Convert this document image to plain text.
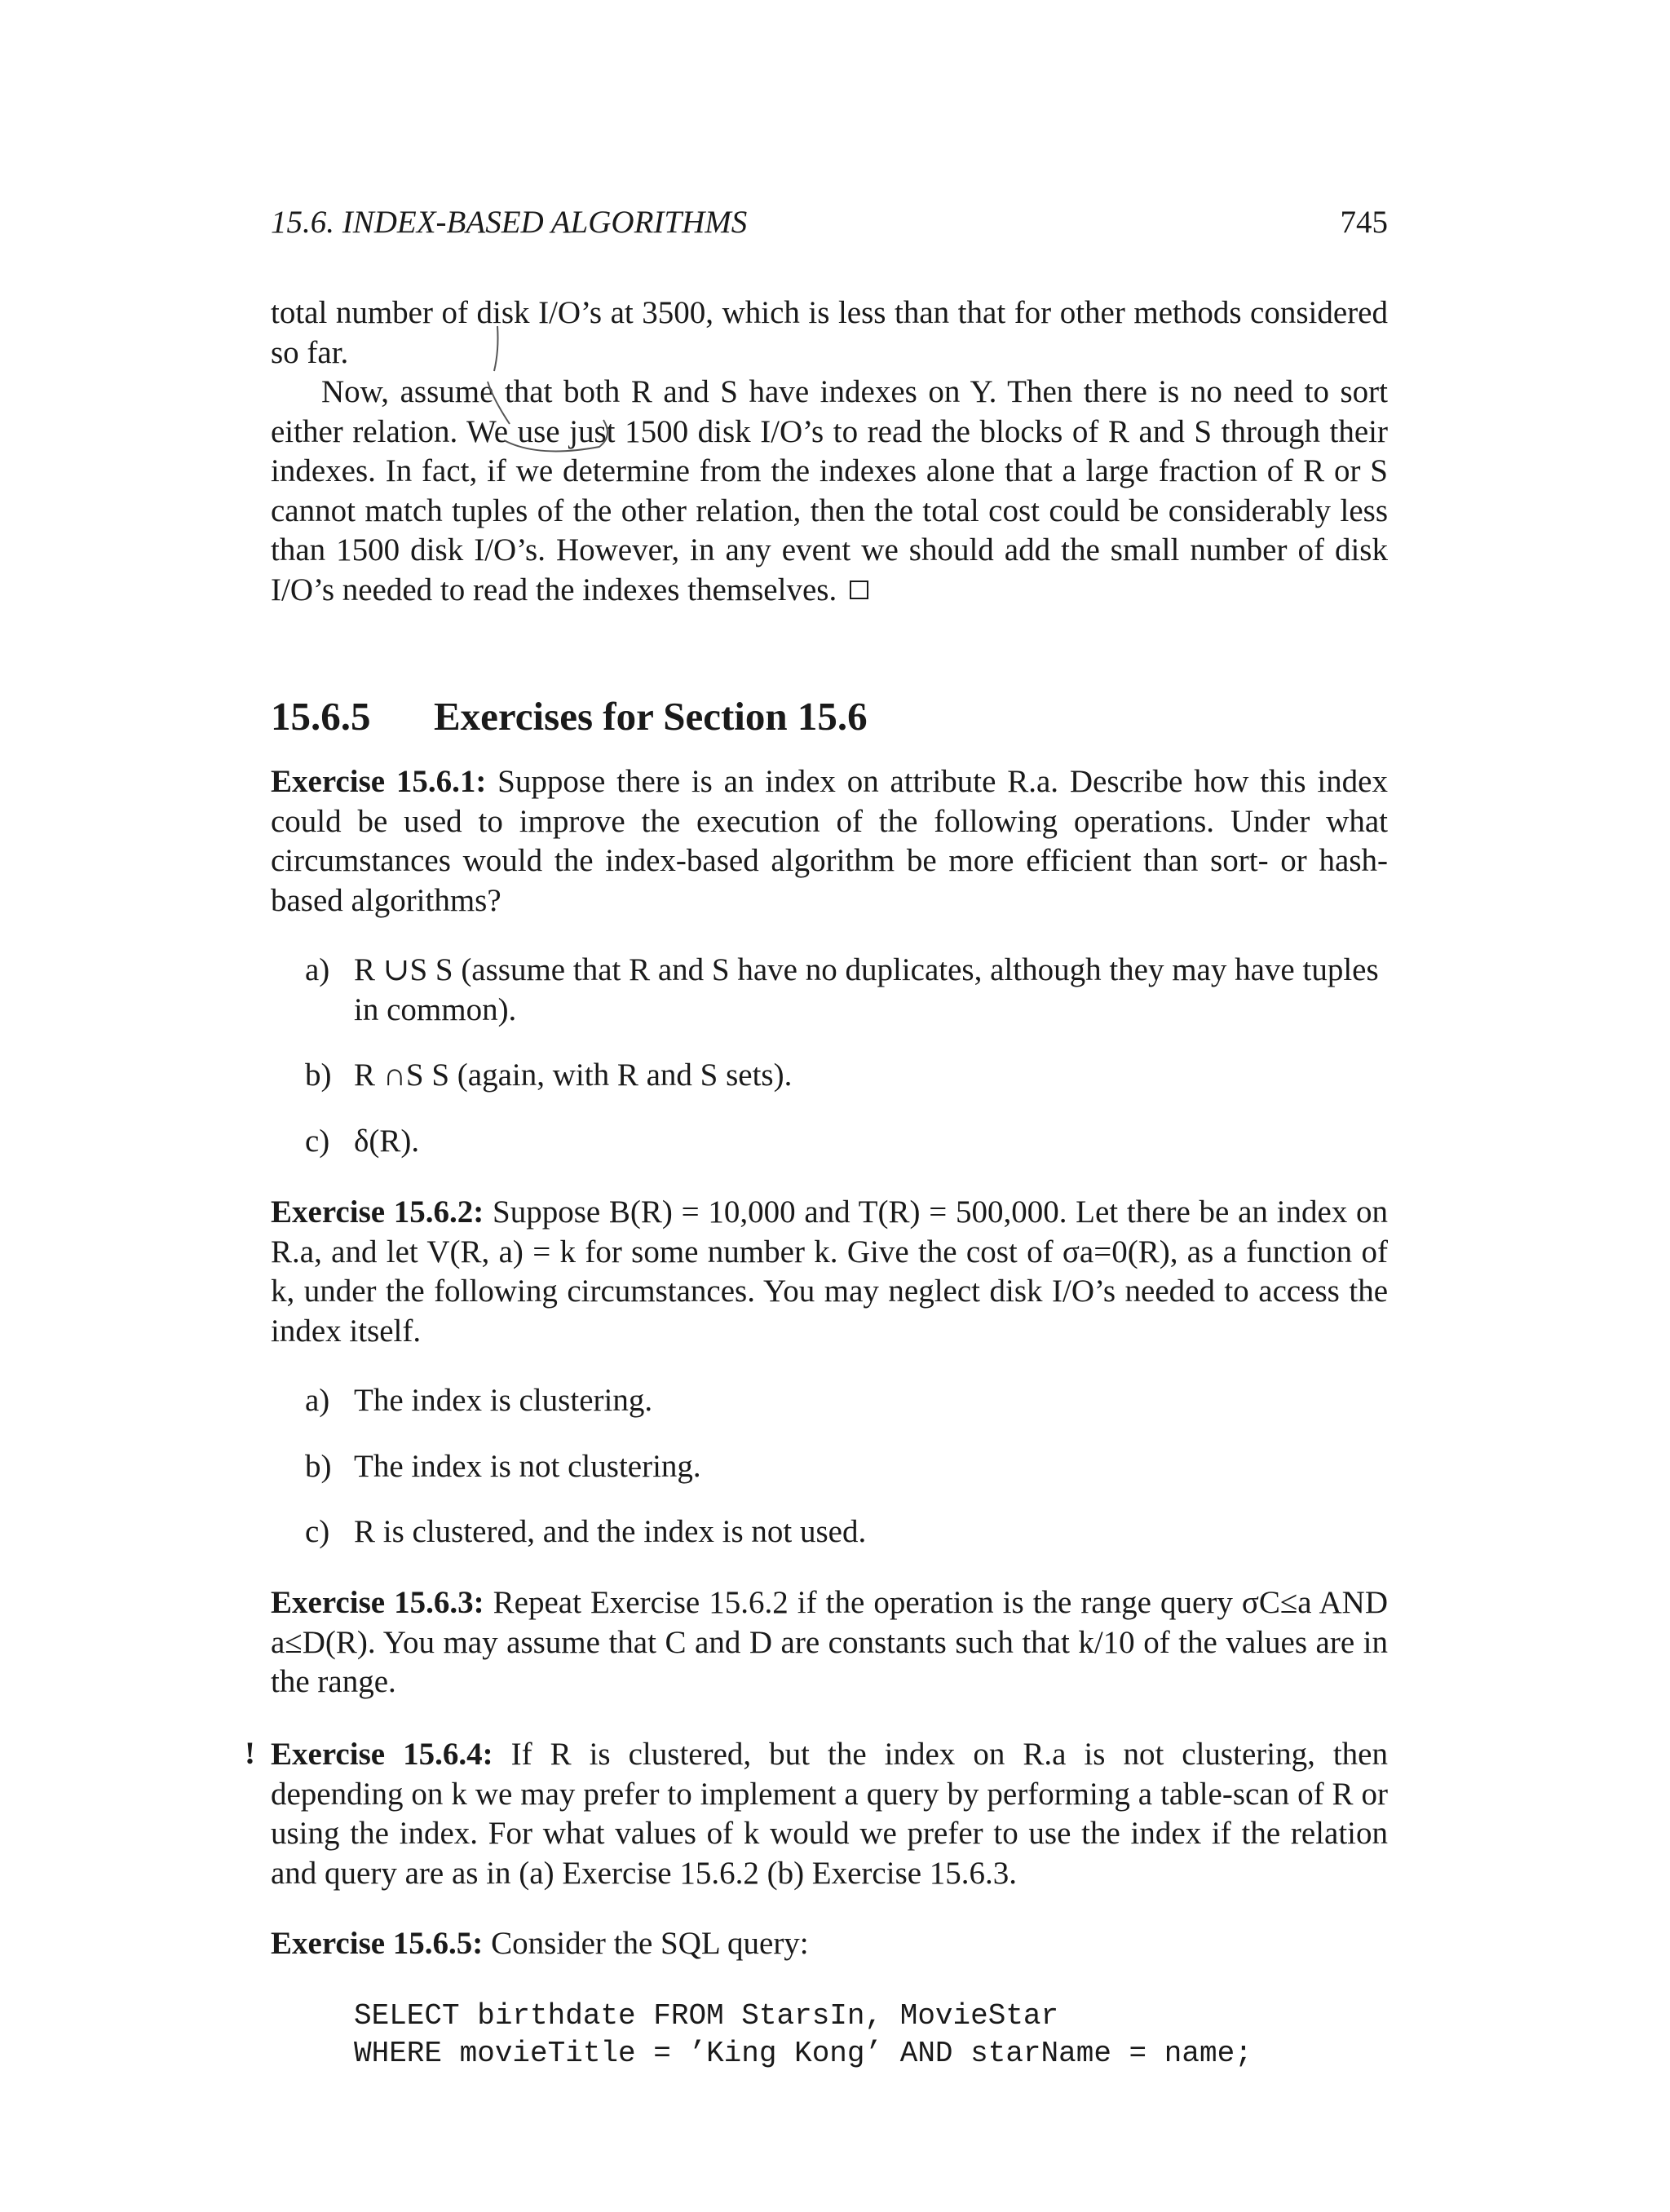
15.6. INDEX-BASED ALGORITHMS	745

total number of disk I/O’s at 3500, which is less than that for other methods considered so far.

Now, assume that both R and S have indexes on Y. Then there is no need to sort either relation. We use just 1500 disk I/O’s to read the blocks of R and S through their indexes. In fact, if we determine from the indexes alone that a large fraction of R or S cannot match tuples of the other relation, then the total cost could be considerably less than 1500 disk I/O’s. However, in any event we should add the small number of disk I/O’s needed to read the indexes themselves.

15.6.5 Exercises for Section 15.6

Exercise 15.6.1: Suppose there is an index on attribute R.a. Describe how this index could be used to improve the execution of the following operations. Under what circumstances would the index-based algorithm be more efficient than sort- or hash-based algorithms?

a) R ∪S S (assume that R and S have no duplicates, although they may have tuples in common).
b) R ∩S S (again, with R and S sets).
c) δ(R).

Exercise 15.6.2: Suppose B(R) = 10,000 and T(R) = 500,000. Let there be an index on R.a, and let V(R, a) = k for some number k. Give the cost of σa=0(R), as a function of k, under the following circumstances. You may neglect disk I/O’s needed to access the index itself.

a) The index is clustering.
b) The index is not clustering.
c) R is clustered, and the index is not used.

Exercise 15.6.3: Repeat Exercise 15.6.2 if the operation is the range query σC≤a AND a≤D(R). You may assume that C and D are constants such that k/10 of the values are in the range.

! Exercise 15.6.4: If R is clustered, but the index on R.a is not clustering, then depending on k we may prefer to implement a query by performing a table-scan of R or using the index. For what values of k would we prefer to use the index if the relation and query are as in (a) Exercise 15.6.2 (b) Exercise 15.6.3.

Exercise 15.6.5: Consider the SQL query:

SELECT birthdate FROM StarsIn, MovieStar
WHERE movieTitle = ’King Kong’ AND starName = name;
